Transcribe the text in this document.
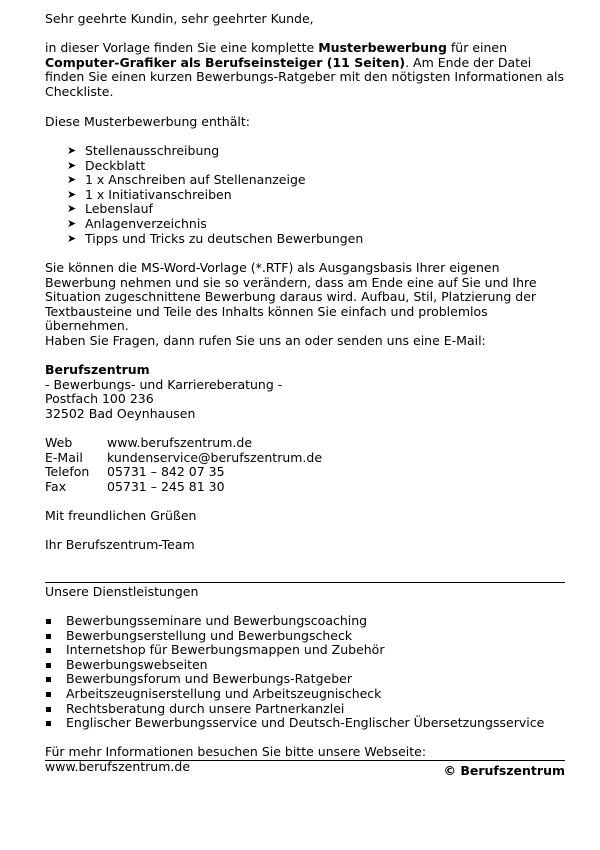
Sehr geehrte Kundin, sehr geehrter Kunde,
in dieser Vorlage finden Sie eine komplette Musterbewerbung für einen Computer-Grafiker als Berufseinsteiger (11 Seiten). Am Ende der Datei finden Sie einen kurzen Bewerbungs-Ratgeber mit den nötigsten Informationen als Checkliste.
Diese Musterbewerbung enthält:
➤ Stellenausschreibung
➤ Deckblatt
➤ 1 x Anschreiben auf Stellenanzeige
➤ 1 x Initiativanschreiben
➤ Lebenslauf
➤ Anlagenverzeichnis
➤ Tipps und Tricks zu deutschen Bewerbungen
Sie können die MS-Word-Vorlage (*.RTF) als Ausgangsbasis Ihrer eigenen Bewerbung nehmen und sie so verändern, dass am Ende eine auf Sie und Ihre Situation zugeschnittene Bewerbung daraus wird. Aufbau, Stil, Platzierung der Textbausteine und Teile des Inhalts können Sie einfach und problemlos übernehmen.
Haben Sie Fragen, dann rufen Sie uns an oder senden uns eine E-Mail:
Berufszentrum
- Bewerbungs- und Karriereberatung -
Postfach 100 236
32502 Bad Oeynhausen
Web	www.berufszentrum.de
E-Mail kundenservice@berufszentrum.de
Telefon 05731 – 842 07 35
Fax	05731 – 245 81 30
Mit freundlichen Grüßen
Ihr Berufszentrum-Team
Unsere Dienstleistungen
Bewerbungsseminare und Bewerbungscoaching
Bewerbungserstellung und Bewerbungscheck
Internetshop für Bewerbungsmappen und Zubehör
Bewerbungswebseiten
Bewerbungsforum und Bewerbungs-Ratgeber
Arbeitszeugniserstellung und Arbeitszeugnischeck
Rechtsberatung durch unsere Partnerkanzlei
Englischer Bewerbungsservice und Deutsch-Englischer Übersetzungsservice
Für mehr Informationen besuchen Sie bitte unsere Webseite: www.berufszentrum.de	© Berufszentrum
